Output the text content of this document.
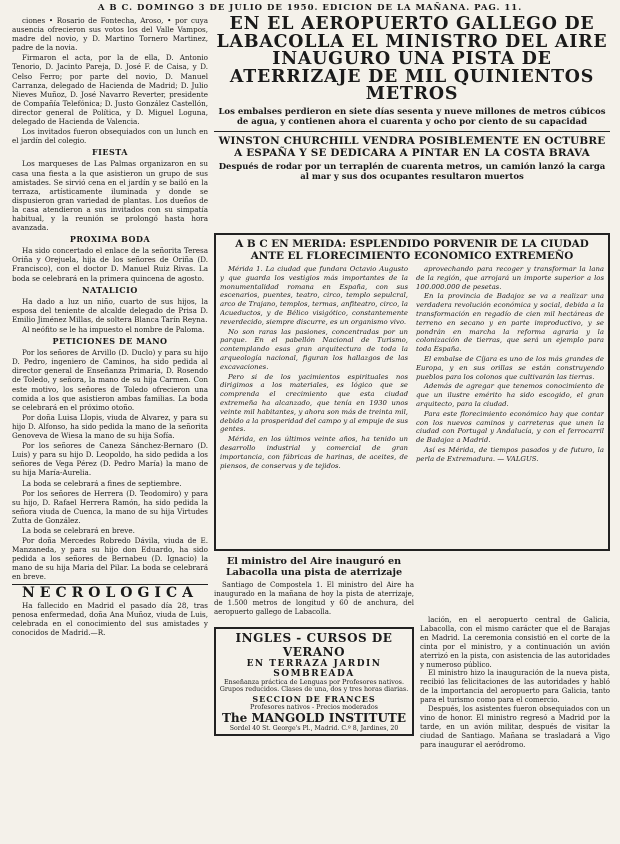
A B C. DOMINGO 3 DE JULIO DE 1950. EDICION DE LA MAÑANA. PAG. 11.

ciones • Rosario de Fontecha, Aroso, • por cuya ausencia ofrecieron sus votos los del Valle Vampos, madre del novio, y D. Martino Tornero Martinez, padre de la novia.

Firmaron el acta, por la de ella, D. Antonio Tenorio, D. Jacinto Pareja, D. José F. de Caisa, y D. Celso Ferro; por parte del novio, D. Manuel Carranza, delegado de Hacienda de Madrid; D. Julio Nieves Muñoz, D. José Navarro Reverter, presidente de Compañía Telefónica; D. Justo González Castellón, director general de Política, y D. Miguel Loguna, delegado de Hacienda de Valencia.

Los invitados fueron obsequiados con un lunch en el jardín del colegio.

FIESTA

Los marqueses de Las Palmas organizaron en su casa una fiesta a la que asistieron un grupo de sus amistades. Se sirvió cena en el jardín y se bailó en la terraza, artísticamente iluminada y donde se dispusieron gran variedad de plantas. Los dueños de la casa atendieron a sus invitados con su simpatía habitual, y la reunión se prolongó hasta hora avanzada.

PROXIMA BODA

Ha sido concertado el enlace de la señorita Teresa Oriña y Orejuela, hija de los señores de Oriña (D. Francisco), con el doctor D. Manuel Ruiz Rivas. La boda se celebrará en la primera quincena de agosto.

NATALICIO

Ha dado a luz un niño, cuarto de sus hijos, la esposa del teniente de alcalde delegado de Prisa D. Emilio Jiménez Millas, de soltera Blanca Tarín Reyna.

Al neófito se le ha impuesto el nombre de Paloma.

PETICIONES DE MANO

Por los señores de Arvillo (D. Duclo) y para su hijo D. Pedro, ingeniero de Caminos, ha sido pedida al director general de Enseñanza Primaria, D. Rosendo de Toledo, y señora, la mano de su hija Carmen. Con este motivo, los señores de Toledo ofrecieron una comida a los que asistieron ambas familias. La boda se celebrará en el próximo otoño.

Por doña Luisa Llopis, viuda de Alvarez, y para su hijo D. Alfonso, ha sido pedida la mano de la señorita Genoveva de Wiesa la mano de su hija Sofía.

Por los señores de Caneza Sánchez-Bernaro (D. Luis) y para su hijo D. Leopoldo, ha sido pedida a los señores de Vega Pérez (D. Pedro María) la mano de su hija María-Aurelia.

La boda se celebrará a fines de septiembre.

Por los señores de Herrera (D. Teodomiro) y para su hijo, D. Rafael Herrera Ramón, ha sido pedida la señora viuda de Cuenca, la mano de su hija Virtudes Zutta de González.

La boda se celebrará en breve.

Por doña Mercedes Robredo Dávila, viuda de E. Manzaneda, y para su hijo don Eduardo, ha sido pedida a los señores de Bernabeu (D. Ignacio) la mano de su hija Maria del Pilar. La boda se celebrará en breve.

NECROLOGICA

Ha fallecido en Madrid el pasado día 28, tras penosa enfermedad, doña Ana Muñoz, viuda de Luis, celebrada en el conocimiento del sus amistades y conocidos de Madrid.—R.

EN EL AEROPUERTO GALLEGO DE LABACOLLA EL MINISTRO DEL AIRE INAUGURO UNA PISTA DE ATERRIZAJE DE MIL QUINIENTOS METROS
Los embalses perdieron en siete días sesenta y nueve millones de metros cúbicos de agua, y contienen ahora el cuarenta y ocho por ciento de su capacidad
WINSTON CHURCHILL VENDRA POSIBLEMENTE EN OCTUBRE A ESPAÑA Y SE DEDICARA A PINTAR EN LA COSTA BRAVA
Después de rodar por un terraplén de cuarenta metros, un camión lanzó la carga al mar y sus dos ocupantes resultaron muertos
A B C EN MERIDA: ESPLENDIDO PORVENIR DE LA CIUDAD ANTE EL FLORECIMIENTO ECONOMICO EXTREMEÑO

Mérida 1. La ciudad que fundara Octavio Augusto y que guarda los vestigios más importantes de la monumentalidad romana en España, con sus escenarios, puentes, teatro, circo, templo sepulcral, arco de Trajano, templos, termas, anfiteatro, circo, la Acueductos, y de Bélico visigótico, constantemente reverdecido, siempre discurre, es un organismo vivo.

No son raras las pasiones, concentradas por un parque. En el pabellón Nacional de Turismo, contemplando esas gran arquitectura de toda la arqueología nacional, figuran los hallazgos de las excavaciones.

Pero si de los yacimientos espirituales nos dirigimos a los materiales, es lógico que se comprenda el crecimiento que esta ciudad extremeña ha alcanzado, que tenía en 1930 unos veinte mil habitantes, y ahora son más de treinta mil, debido a la prosperidad del campo y al empuje de sus gentes.

Mérida, en los últimos veinte años, ha tenido un desarrollo industrial y comercial de gran importancia, con fábricas de harinas, de aceites, de piensos, de conservas y de tejidos.

aprovechando para recoger y transformar la lana de la región, que arrojará un importe superior a los 100.000.000 de pesetas.

En la provincia de Badajoz se va a realizar una verdadera revolución económica y social, debida a la transformación en regadío de cien mil hectáreas de terreno en secano y en parte improductivo, y se pondrán en marcha la reforma agraria y la colonización de tierras, que será un ejemplo para toda España.

El embalse de Cíjara es uno de los más grandes de Europa, y en sus orillas se están construyendo pueblos para los colonos que cultivarán las tierras.

Además de agregar que tenemos conocimiento de que un ilustre emérito ha sido escogido, el gran arquitecto, para la ciudad.

Para este florecimiento económico hay que contar con los nuevos caminos y carreteras que unen la ciudad con Portugal y Andalucía, y con el ferrocarril de Badajoz a Madrid.

Así es Mérida, de tiempos pasados y de futuro, la perla de Extremadura. — VALGUS.

El ministro del Aire inauguró en Labacolla una pista de aterrizaje

Santiago de Compostela 1. El ministro del Aire ha inaugurado en la mañana de hoy la pista de aterrizaje, de 1.500 metros de longitud y 60 de anchura, del aeropuerto gallego de Labacolla.

INGLES - CURSOS DE VERANO
EN TERRAZA JARDIN SOMBREADA
Enseñanza práctica de Lenguas por Profesores nativos. Grupos reducidos. Clases de una, dos y tres horas diarias.
SECCION DE FRANCES
Profesores nativos - Precios moderados
The MANGOLD INSTITUTE
Sordel 40 St. George's Pl., Madrid. C.º 8, Jardines, 20

lación, en el aeropuerto central de Galicia, Labacolla, con el mismo carácter que el de Barajas en Madrid. La ceremonia consistió en el corte de la cinta por el ministro, y a continuación un avión aterrizó en la pista, con asistencia de las autoridades y numeroso público.

El ministro hizo la inauguración de la nueva pista, recibió las felicitaciones de las autoridades y habló de la importancia del aeropuerto para Galicia, tanto para el turismo como para el comercio.

Después, los asistentes fueron obsequiados con un vino de honor. El ministro regresó a Madrid por la tarde, en un avión militar, después de visitar la ciudad de Santiago. Mañana se trasladará a Vigo para inaugurar el aeródromo.
